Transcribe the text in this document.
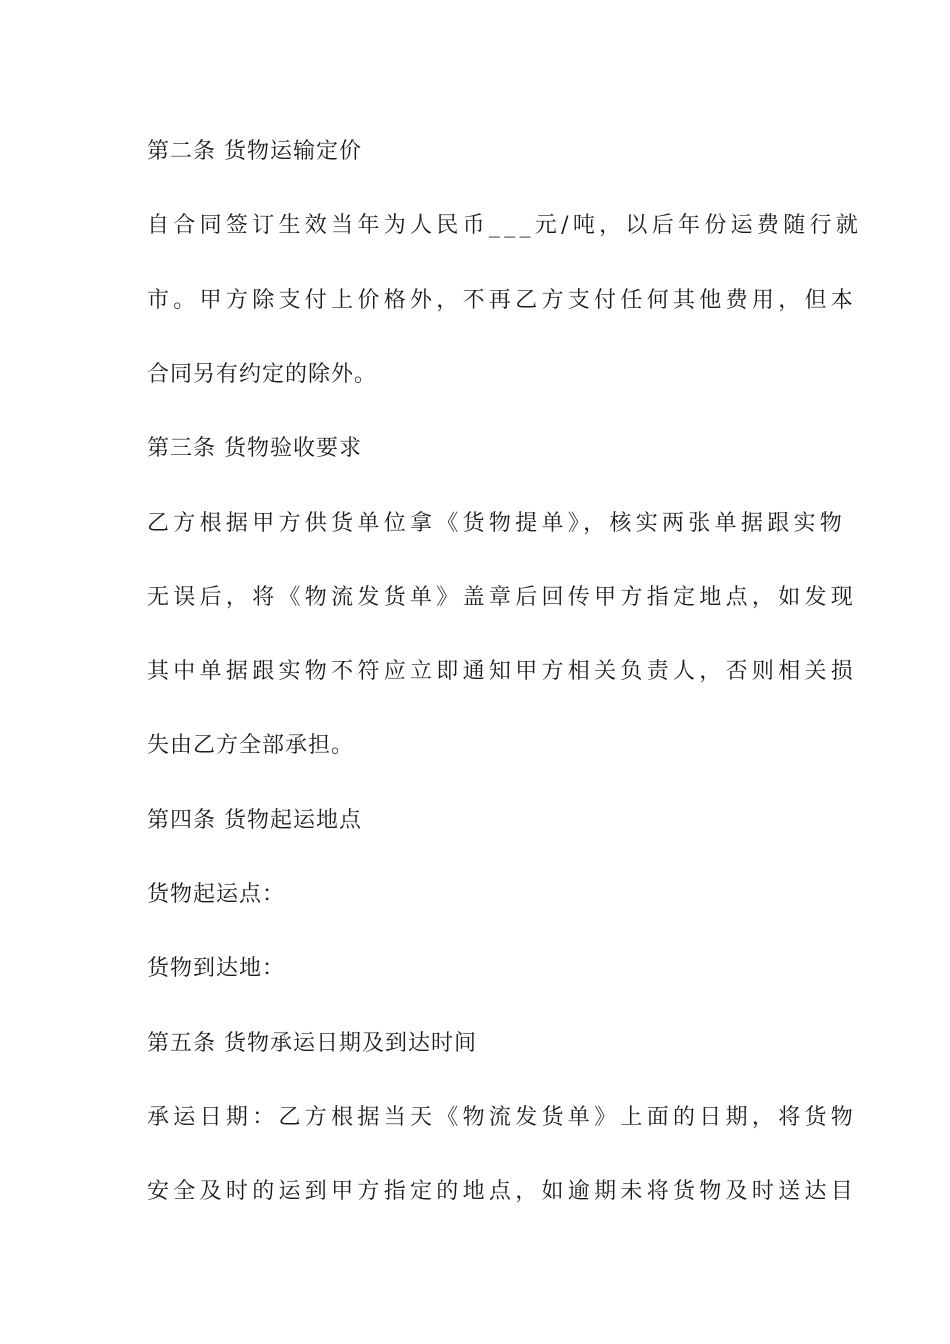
第二条 货物运输定价
自合同签订生效当年为人民币___元/吨，以后年份运费随行就
市。甲方除支付上价格外，不再乙方支付任何其他费用，但本
合同另有约定的除外。
第三条 货物验收要求
乙方根据甲方供货单位拿《货物提单》，核实两张单据跟实物
无误后，将《物流发货单》盖章后回传甲方指定地点，如发现
其中单据跟实物不符应立即通知甲方相关负责人，否则相关损
失由乙方全部承担。
第四条 货物起运地点
货物起运点：
货物到达地：
第五条 货物承运日期及到达时间
承运日期：乙方根据当天《物流发货单》上面的日期，将货物
安全及时的运到甲方指定的地点，如逾期未将货物及时送达目
